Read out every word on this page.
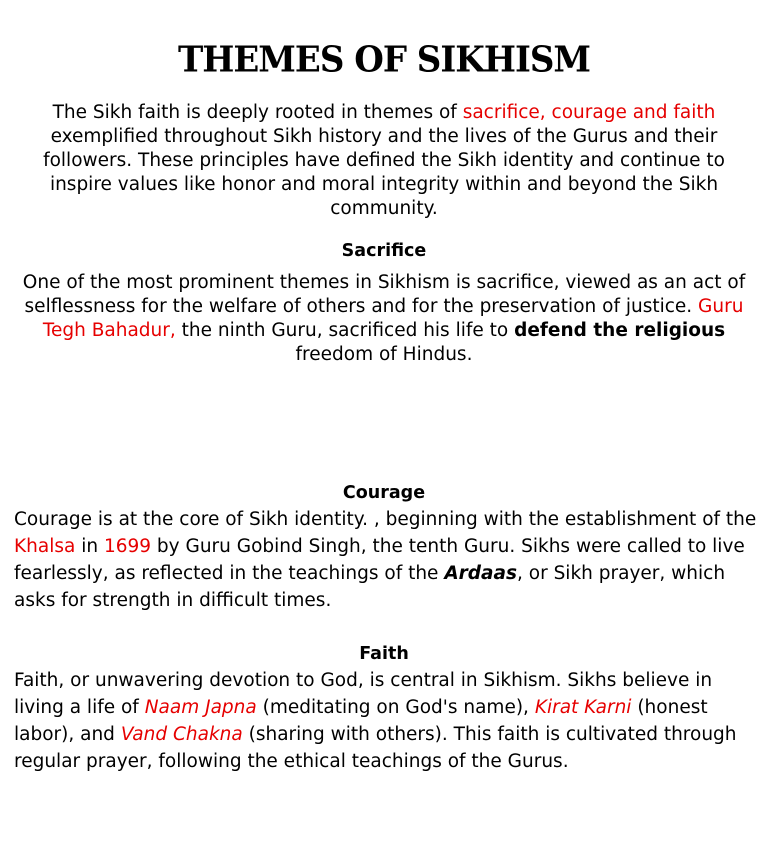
THEMES OF SIKHISM
The Sikh faith is deeply rooted in themes of sacrifice, courage and faith exemplified throughout Sikh history and the lives of the Gurus and their followers. These principles have defined the Sikh identity and continue to inspire values like honor and moral integrity within and beyond the Sikh community.
Sacrifice
One of the most prominent themes in Sikhism is sacrifice, viewed as an act of selflessness for the welfare of others and for the preservation of justice. Guru Tegh Bahadur, the ninth Guru, sacrificed his life to defend the religious freedom of Hindus.
Courage
Courage is at the core of Sikh identity. , beginning with the establishment of the Khalsa in 1699 by Guru Gobind Singh, the tenth Guru. Sikhs were called to live fearlessly, as reflected in the teachings of the Ardaas, or Sikh prayer, which asks for strength in difficult times.
Faith
Faith, or unwavering devotion to God, is central in Sikhism. Sikhs believe in living a life of Naam Japna (meditating on God's name), Kirat Karni (honest labor), and Vand Chakna (sharing with others). This faith is cultivated through regular prayer, following the ethical teachings of the Gurus.
